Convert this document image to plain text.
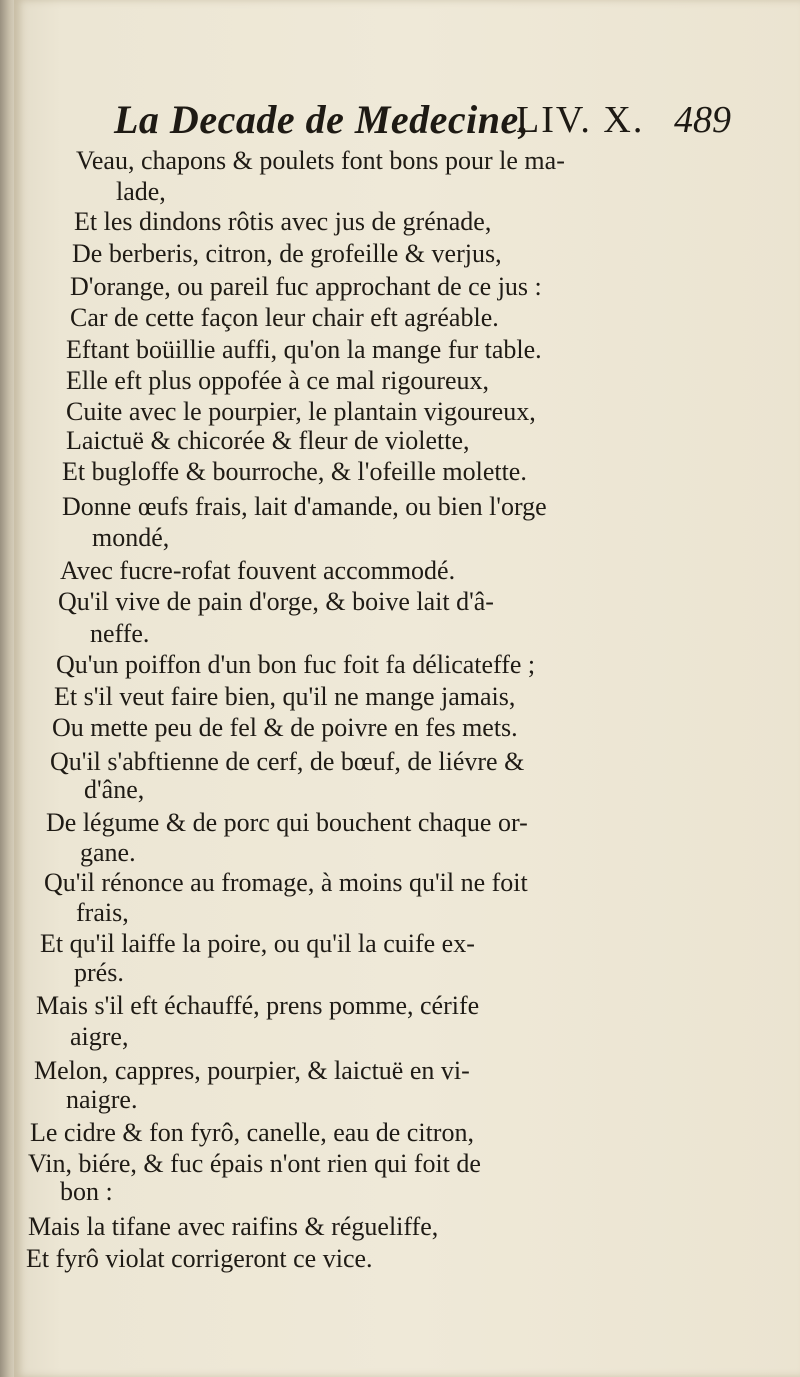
La Decade de Medecine,
LIV. X. 489
Veau, chapons & poulets font bons pour le ma-
lade,
Et les dindons rôtis avec jus de grénade,
De berberis, citron, de grofeille & verjus,
D'orange, ou pareil fuc approchant de ce jus :
Car de cette façon leur chair eft agréable.
Eftant boüillie auffi, qu'on la mange fur table.
Elle eft plus oppofée à ce mal rigoureux,
Cuite avec le pourpier, le plantain vigoureux,
Laictuë & chicorée & fleur de violette,
Et bugloffe & bourroche, & l'ofeille molette.
Donne œufs frais, lait d'amande, ou bien l'orge
mondé,
Avec fucre-rofat fouvent accommodé.
Qu'il vive de pain d'orge, & boive lait d'â-
neffe.
Qu'un poiffon d'un bon fuc foit fa délicateffe ;
Et s'il veut faire bien, qu'il ne mange jamais,
Ou mette peu de fel & de poivre en fes mets.
Qu'il s'abftienne de cerf, de bœuf, de liévre &
d'âne,
De légume & de porc qui bouchent chaque or-
gane.
Qu'il rénonce au fromage, à moins qu'il ne foit
frais,
Et qu'il laiffe la poire, ou qu'il la cuife ex-
prés.
Mais s'il eft échauffé, prens pomme, cérife
aigre,
Melon, cappres, pourpier, & laictuë en vi-
naigre.
Le cidre & fon fyrô, canelle, eau de citron,
Vin, biére, & fuc épais n'ont rien qui foit de
bon :
Mais la tifane avec raifins & régueliffe,
Et fyrô violat corrigeront ce vice.
